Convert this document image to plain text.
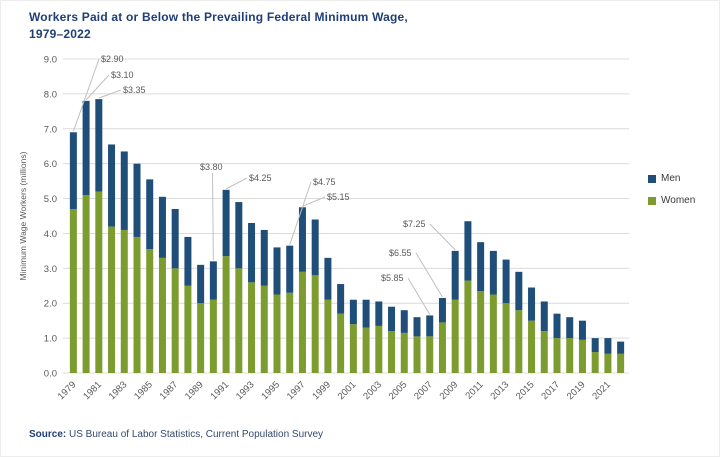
Workers Paid at or Below the Prevailing Federal Minimum Wage,
1979–2022
0.0
1.0
2.0
3.0
4.0
5.0
6.0
7.0
8.0
9.0
Minimum Wage Workers (millions)
1979 1981 1983 1985 1987 1989 1991 1993 1995 1997 1999 2001 2003 2005 2007 2009 2011 2013 2015 2017 2019 2021
$2.90
$3.10
$3.35
$3.80
$4.25	$4.75
$5.15
$5.85
$6.55
$7.25
Men
Women
Source: US Bureau of Labor Statistics, Current Population Survey
